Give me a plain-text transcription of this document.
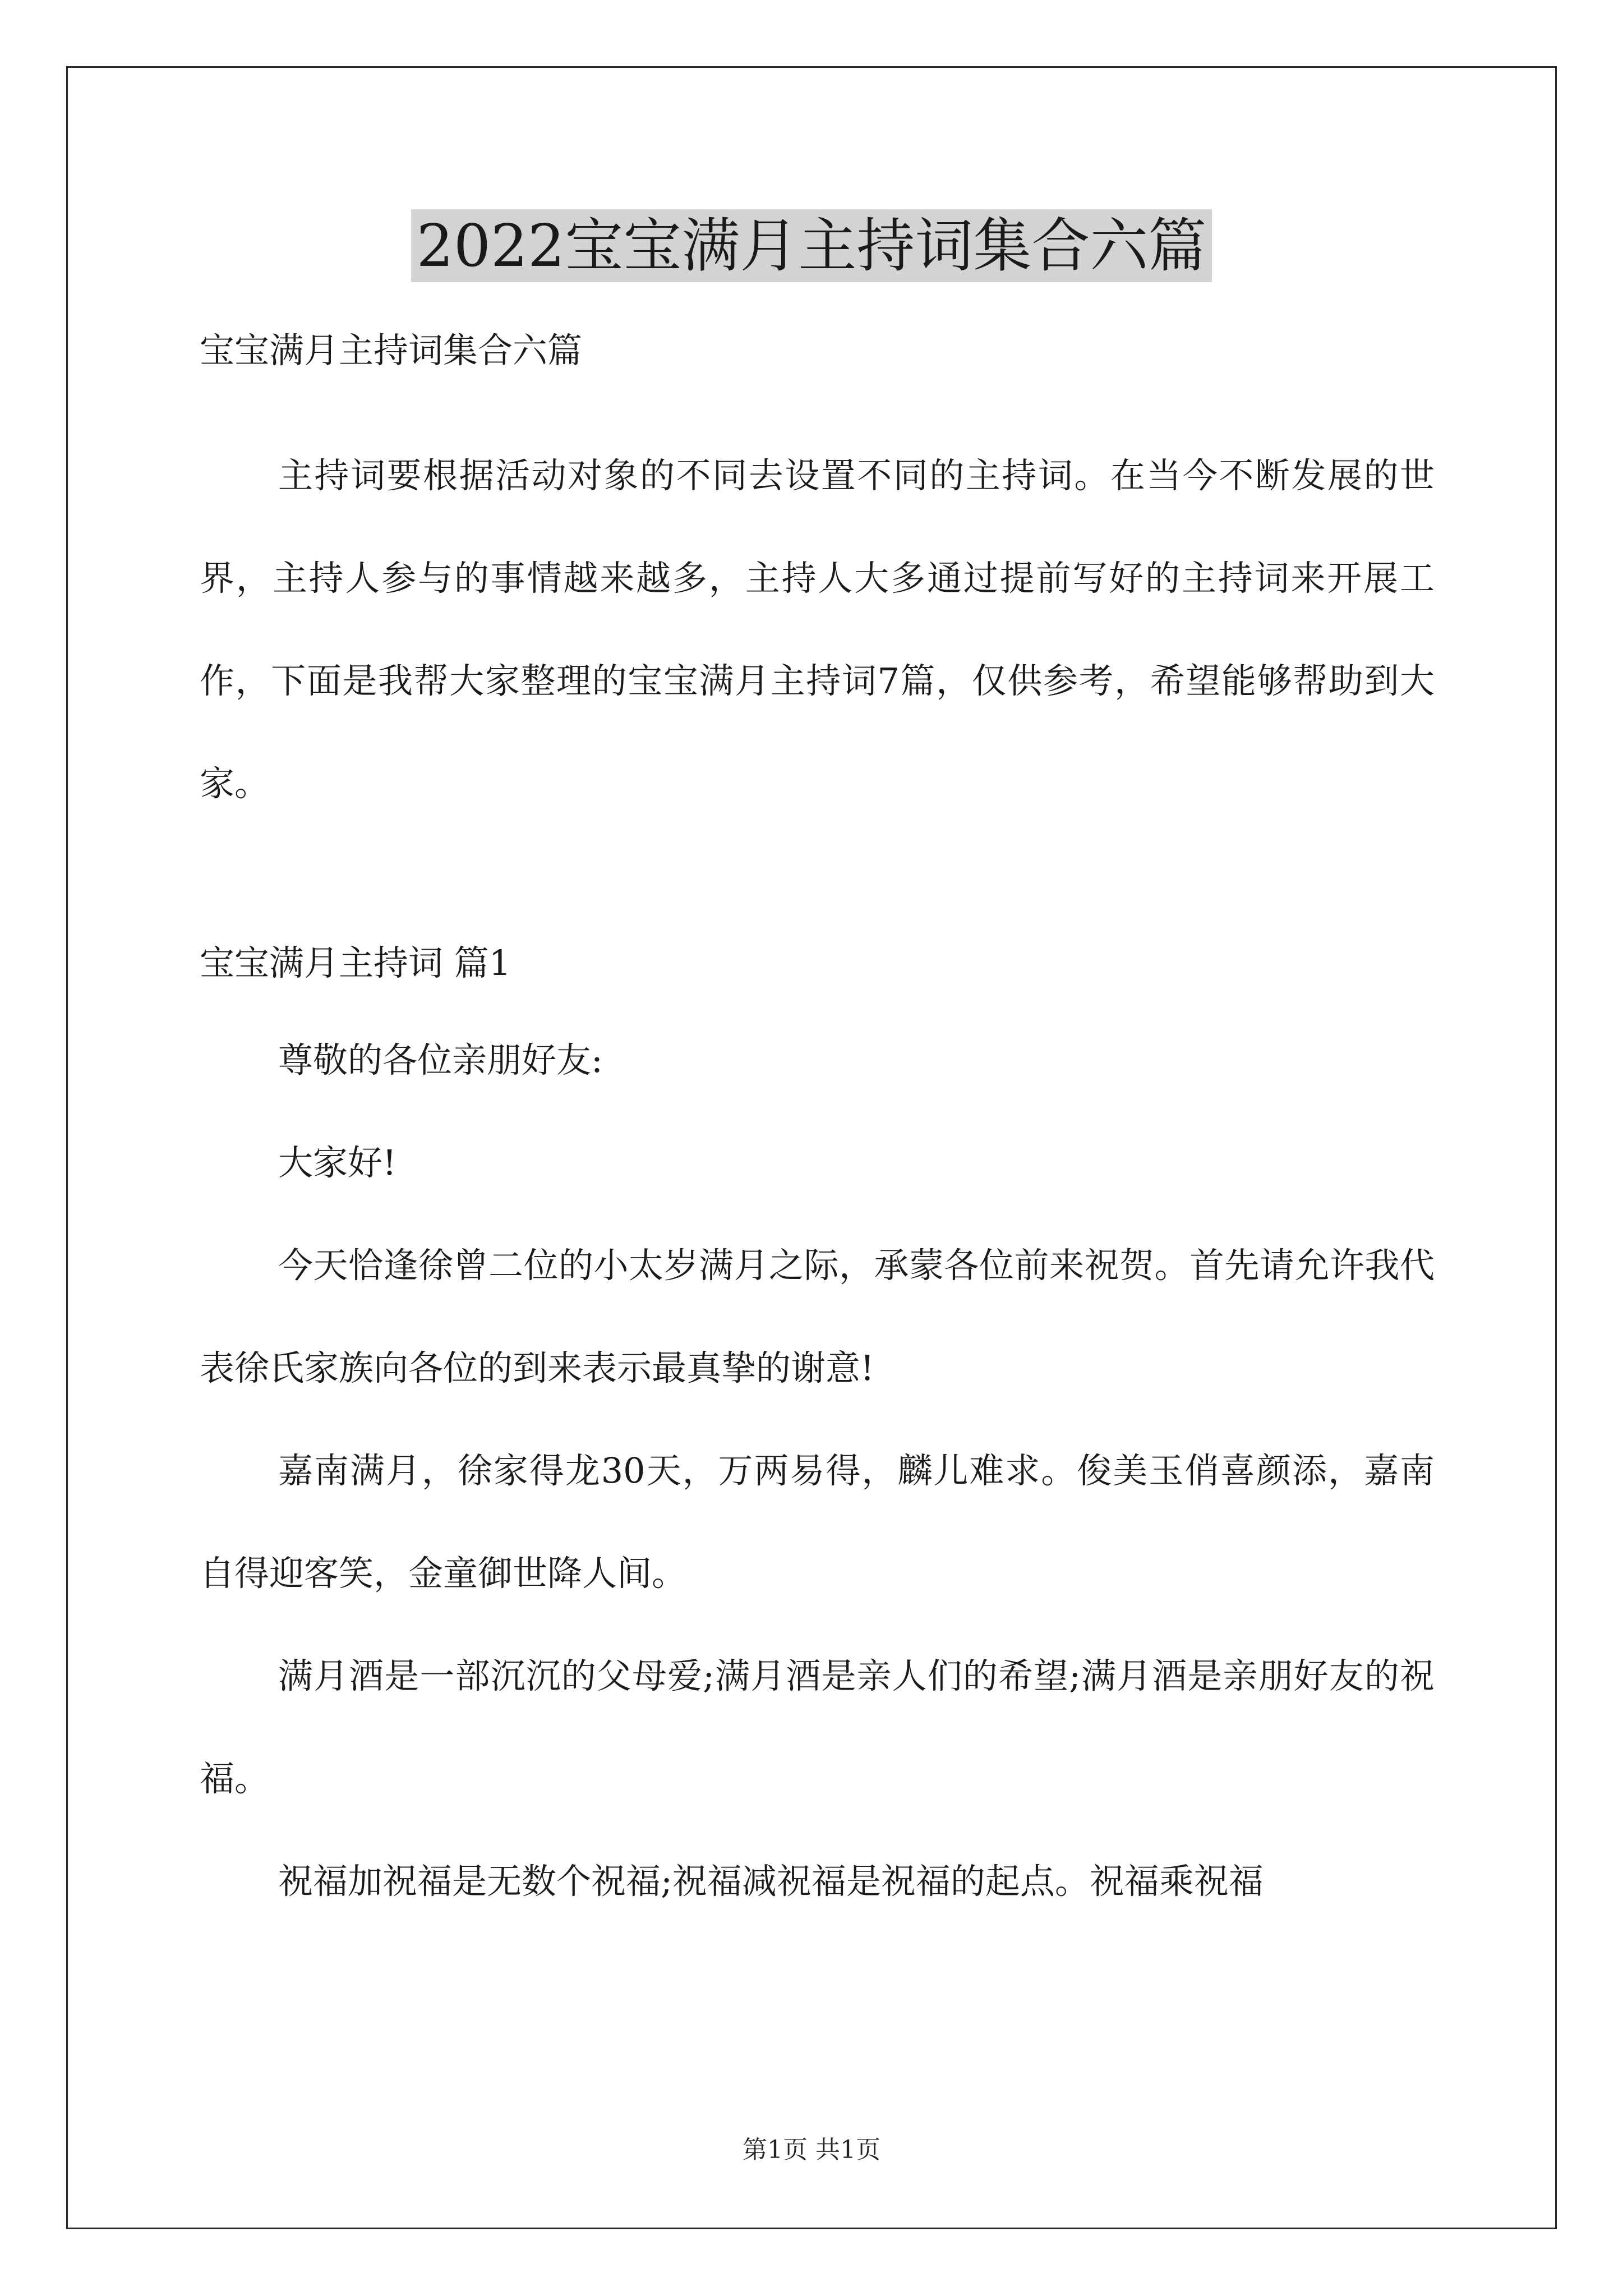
2022宝宝满月主持词集合六篇

宝宝满月主持词集合六篇

主持词要根据活动对象的不同去设置不同的主持词。在当今不断发展的世界，主持人参与的事情越来越多，主持人大多通过提前写好的主持词来开展工作，下面是我帮大家整理的宝宝满月主持词7篇，仅供参考，希望能够帮助到大家。

宝宝满月主持词 篇1

尊敬的各位亲朋好友:

大家好!

今天恰逢徐曾二位的小太岁满月之际，承蒙各位前来祝贺。首先请允许我代表徐氏家族向各位的到来表示最真挚的谢意!

嘉南满月，徐家得龙30天，万两易得，麟儿难求。俊美玉俏喜颜添，嘉南自得迎客笑，金童御世降人间。

满月酒是一部沉沉的父母爱;满月酒是亲人们的希望;满月酒是亲朋好友的祝福。

祝福加祝福是无数个祝福;祝福减祝福是祝福的起点。祝福乘祝福

第1页 共1页
